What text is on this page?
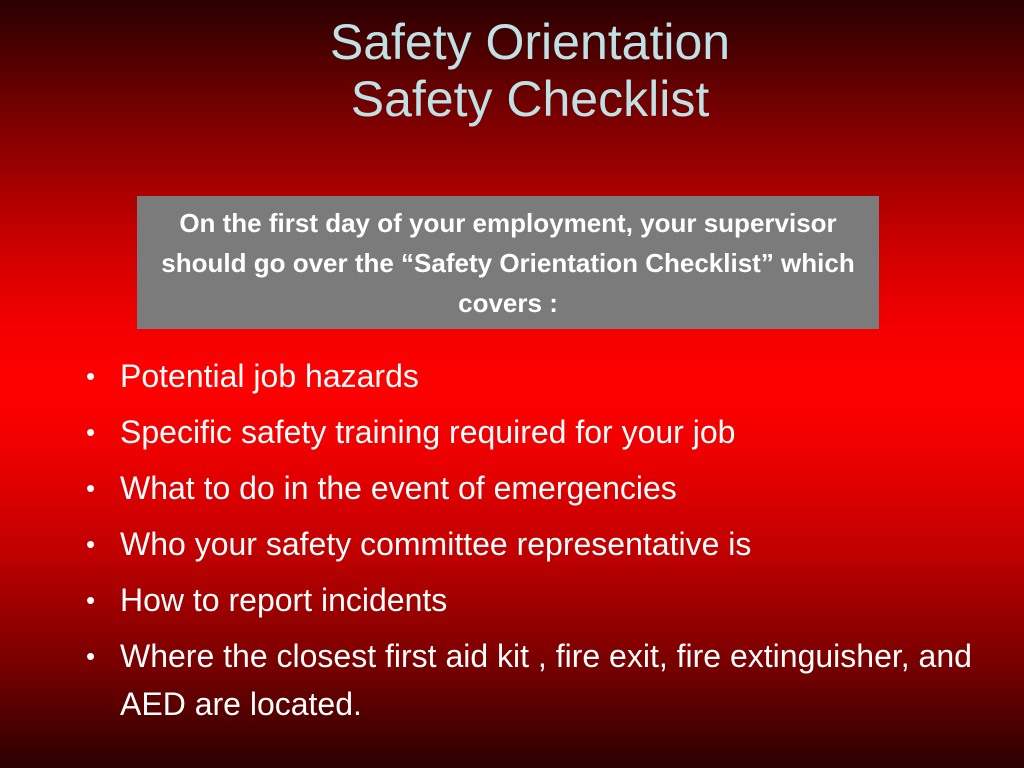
Safety Orientation
Safety Checklist
On the first day of your employment, your supervisor should go over the “Safety Orientation Checklist” which covers :
• Potential job hazards
• Specific safety training required for your job
• What to do in the event of emergencies
• Who your safety committee representative is
• How to report incidents
• Where the closest first aid kit , fire exit, fire extinguisher, and AED are located.
